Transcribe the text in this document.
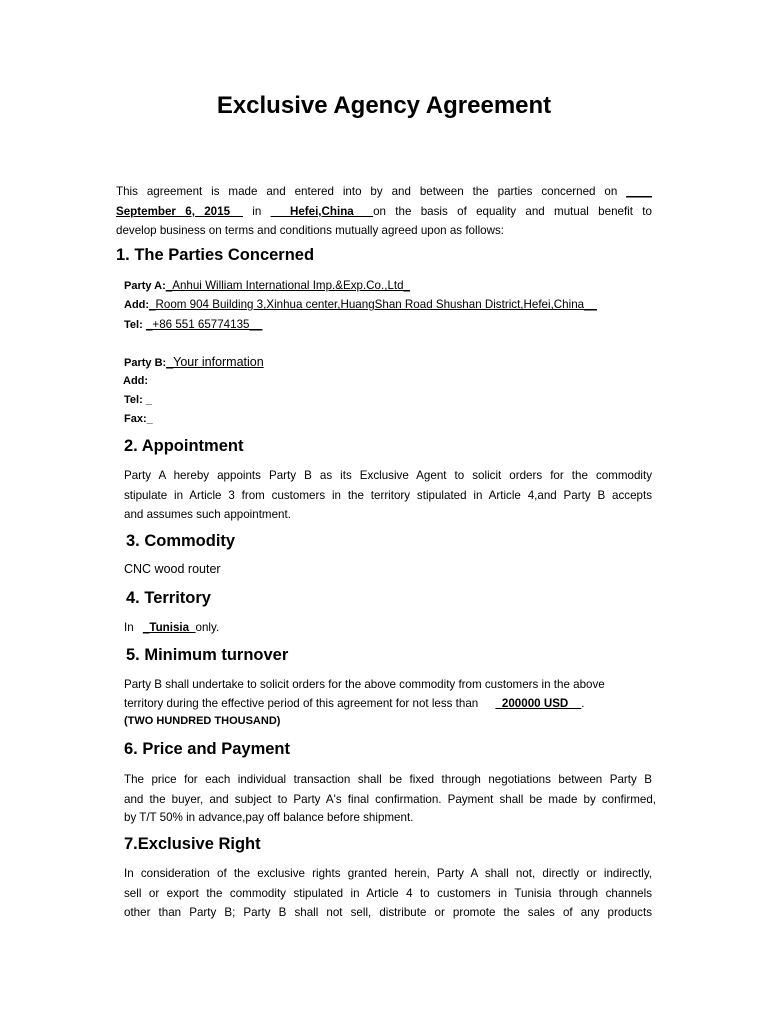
Exclusive Agency Agreement
This agreement is made and entered into by and between the parties concerned on ____
September 6, 2015__ in ___Hefei,China___on the basis of equality and mutual benefit to
develop business on terms and conditions mutually agreed upon as follows:
1. The Parties Concerned
Party A:_Anhui William International Imp.&Exp.Co.,Ltd_
Add:_Room 904 Building 3,Xinhua center,HuangShan Road Shushan District,Hefei,China__
Tel: _+86 551 65774135__
Party B:_Your information
Add:
Tel: _
Fax:_
2. Appointment
Party A hereby appoints Party B as its Exclusive Agent to solicit orders for the commodity
stipulate in Article 3 from customers in the territory stipulated in Article 4,and Party B accepts
and assumes such appointment.
3. Commodity
CNC wood router
4. Territory
In _Tunisia_only.
5. Minimum turnover
Party B shall undertake to solicit orders for the above commodity from customers in the above
territory during the effective period of this agreement for not less than _200000 USD__.
(TWO HUNDRED THOUSAND)
6. Price and Payment
The price for each individual transaction shall be fixed through negotiations between Party B
and the buyer, and subject to Party A's final confirmation. Payment shall be made by confirmed,
by T/T 50% in advance,pay off balance before shipment.
7.Exclusive Right
In consideration of the exclusive rights granted herein, Party A shall not, directly or indirectly,
sell or export the commodity stipulated in Article 4 to customers in Tunisia through channels
other than Party B; Party B shall not sell, distribute or promote the sales of any products
